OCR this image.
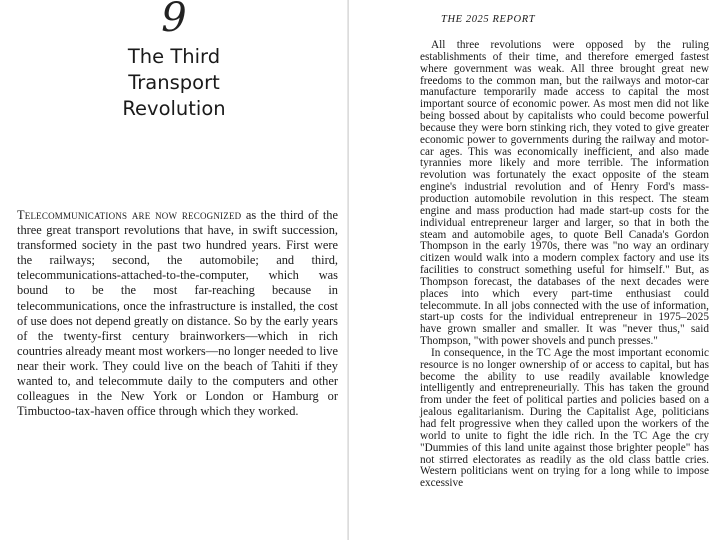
9
The Third
Transport
Revolution
Telecommunications are now recognized as the third of the three great transport revolutions that have, in swift succession, transformed society in the past two hundred years. First were the railways; second, the automobile; and third, telecommunications-attached-to-the-computer, which was bound to be the most far-reaching because in telecommunications, once the infrastructure is installed, the cost of use does not depend greatly on distance. So by the early years of the twenty-first century brainworkers—which in rich countries already meant most workers—no longer needed to live near their work. They could live on the beach of Tahiti if they wanted to, and telecommute daily to the computers and other colleagues in the New York or London or Hamburg or Timbuctoo-tax-haven office through which they worked.
THE 2025 REPORT

All three revolutions were opposed by the ruling establishments of their time, and therefore emerged fastest where government was weak. All three brought great new freedoms to the common man, but the railways and motor-car manufacture temporarily made access to capital the most important source of economic power. As most men did not like being bossed about by capitalists who could become powerful because they were born stinking rich, they voted to give greater economic power to governments during the railway and motor-car ages. This was economically inefficient, and also made tyrannies more likely and more terrible. The information revolution was fortunately the exact opposite of the steam engine's industrial revolution and of Henry Ford's mass-production automobile revolution in this respect. The steam engine and mass production had made start-up costs for the individual entrepreneur larger and larger, so that in both the steam and automobile ages, to quote Bell Canada's Gordon Thompson in the early 1970s, there was "no way an ordinary citizen would walk into a modern complex factory and use its facilities to construct something useful for himself." But, as Thompson forecast, the databases of the next decades were places into which every part-time enthusiast could telecommute. In all jobs connected with the use of information, start-up costs for the individual entrepreneur in 1975–2025 have grown smaller and smaller. It was "never thus," said Thompson, "with power shovels and punch presses."

In consequence, in the TC Age the most important economic resource is no longer ownership of or access to capital, but has become the ability to use readily available knowledge intelligently and entrepreneurially. This has taken the ground from under the feet of political parties and policies based on a jealous egalitarianism. During the Capitalist Age, politicians had felt progressive when they called upon the workers of the world to unite to fight the idle rich. In the TC Age the cry "Dummies of this land unite against those brighter people" has not stirred electorates as readily as the old class battle cries. Western politicians went on trying for a long while to impose excessive
